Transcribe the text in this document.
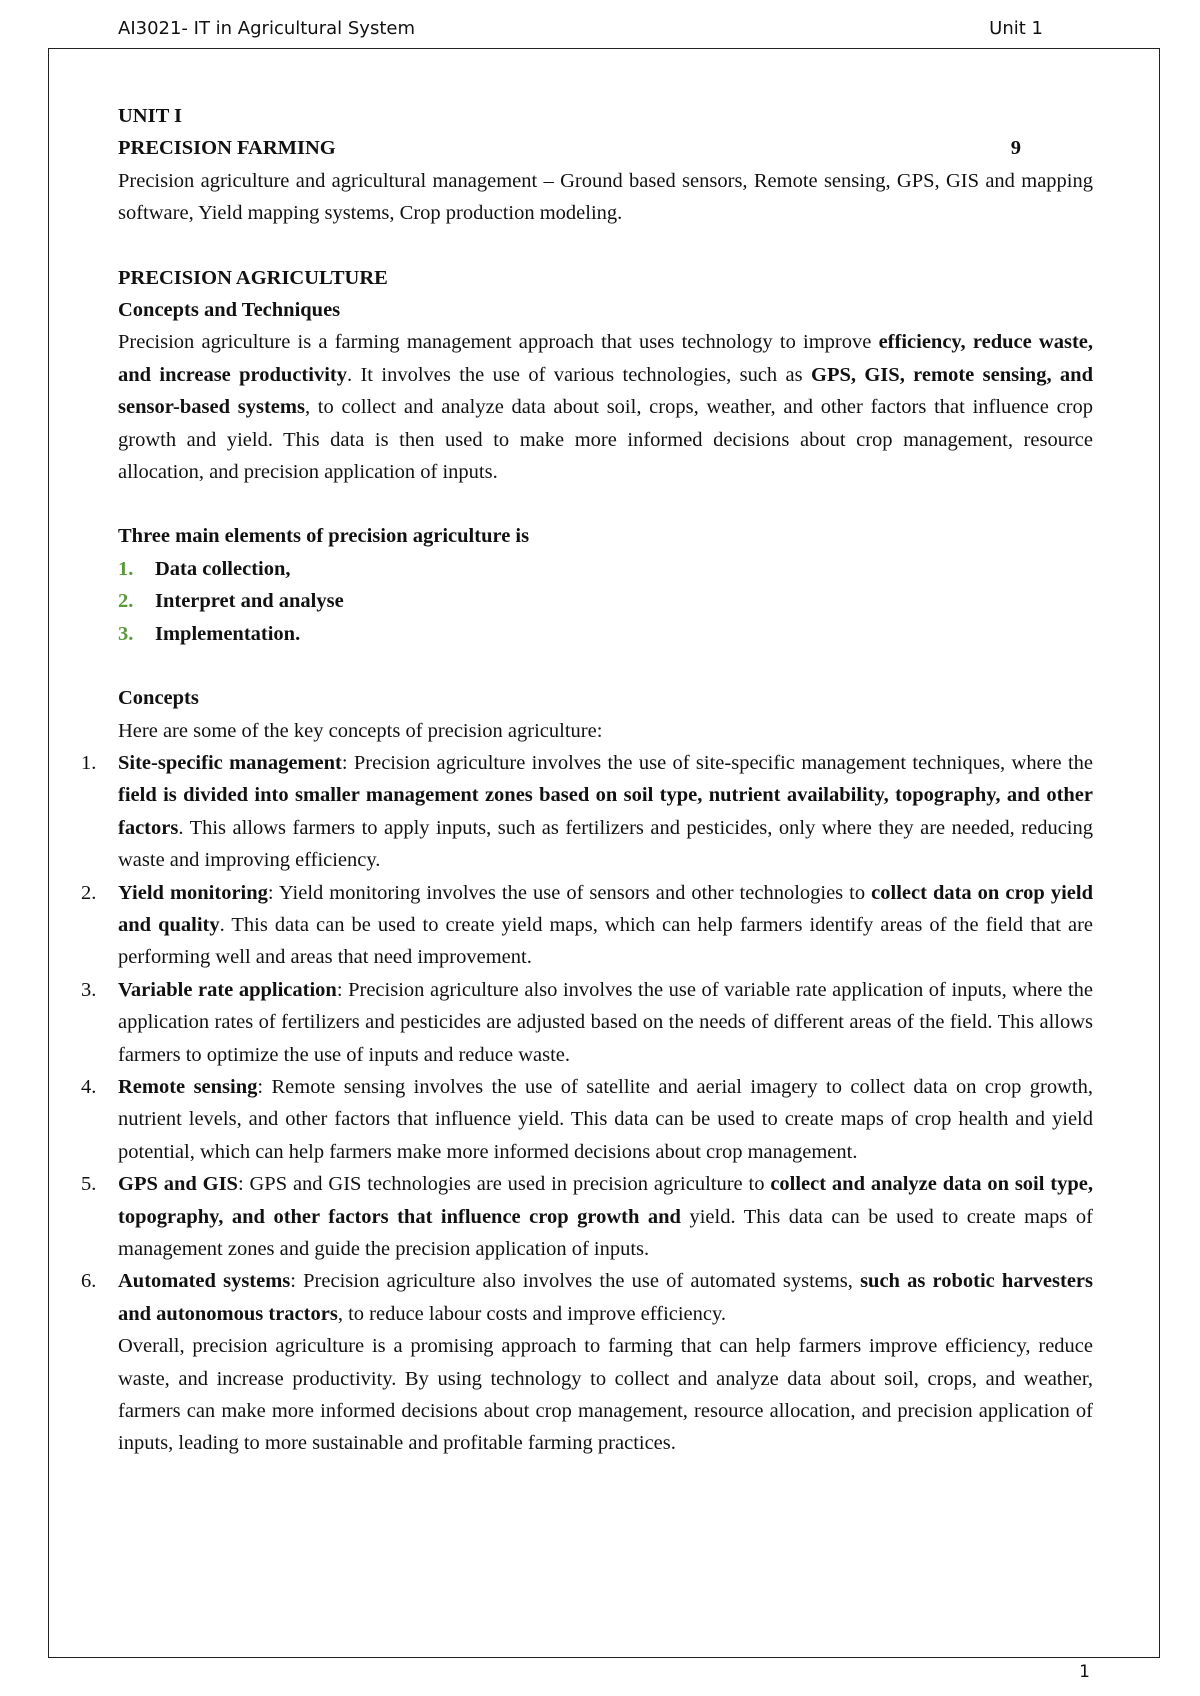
AI3021- IT in Agricultural System	Unit 1

UNIT I

PRECISION FARMING	9

Precision agriculture and agricultural management – Ground based sensors, Remote sensing, GPS, GIS and mapping software, Yield mapping systems, Crop production modeling.

PRECISION AGRICULTURE

Concepts and Techniques

Precision agriculture is a farming management approach that uses technology to improve efficiency, reduce waste, and increase productivity. It involves the use of various technologies, such as GPS, GIS, remote sensing, and sensor-based systems, to collect and analyze data about soil, crops, weather, and other factors that influence crop growth and yield. This data is then used to make more informed decisions about crop management, resource allocation, and precision application of inputs.

Three main elements of precision agriculture is

1.	Data collection,
2.	Interpret and analyse
3.	Implementation.

Concepts

Here are some of the key concepts of precision agriculture:

1. Site-specific management: Precision agriculture involves the use of site-specific management techniques, where the field is divided into smaller management zones based on soil type, nutrient availability, topography, and other factors. This allows farmers to apply inputs, such as fertilizers and pesticides, only where they are needed, reducing waste and improving efficiency.
2. Yield monitoring: Yield monitoring involves the use of sensors and other technologies to collect data on crop yield and quality. This data can be used to create yield maps, which can help farmers identify areas of the field that are performing well and areas that need improvement.
3. Variable rate application: Precision agriculture also involves the use of variable rate application of inputs, where the application rates of fertilizers and pesticides are adjusted based on the needs of different areas of the field. This allows farmers to optimize the use of inputs and reduce waste.
4. Remote sensing: Remote sensing involves the use of satellite and aerial imagery to collect data on crop growth, nutrient levels, and other factors that influence yield. This data can be used to create maps of crop health and yield potential, which can help farmers make more informed decisions about crop management.
5. GPS and GIS: GPS and GIS technologies are used in precision agriculture to collect and analyze data on soil type, topography, and other factors that influence crop growth and yield. This data can be used to create maps of management zones and guide the precision application of inputs.
6. Automated systems: Precision agriculture also involves the use of automated systems, such as robotic harvesters and autonomous tractors, to reduce labour costs and improve efficiency.

Overall, precision agriculture is a promising approach to farming that can help farmers improve efficiency, reduce waste, and increase productivity. By using technology to collect and analyze data about soil, crops, and weather, farmers can make more informed decisions about crop management, resource allocation, and precision application of inputs, leading to more sustainable and profitable farming practices.

1
